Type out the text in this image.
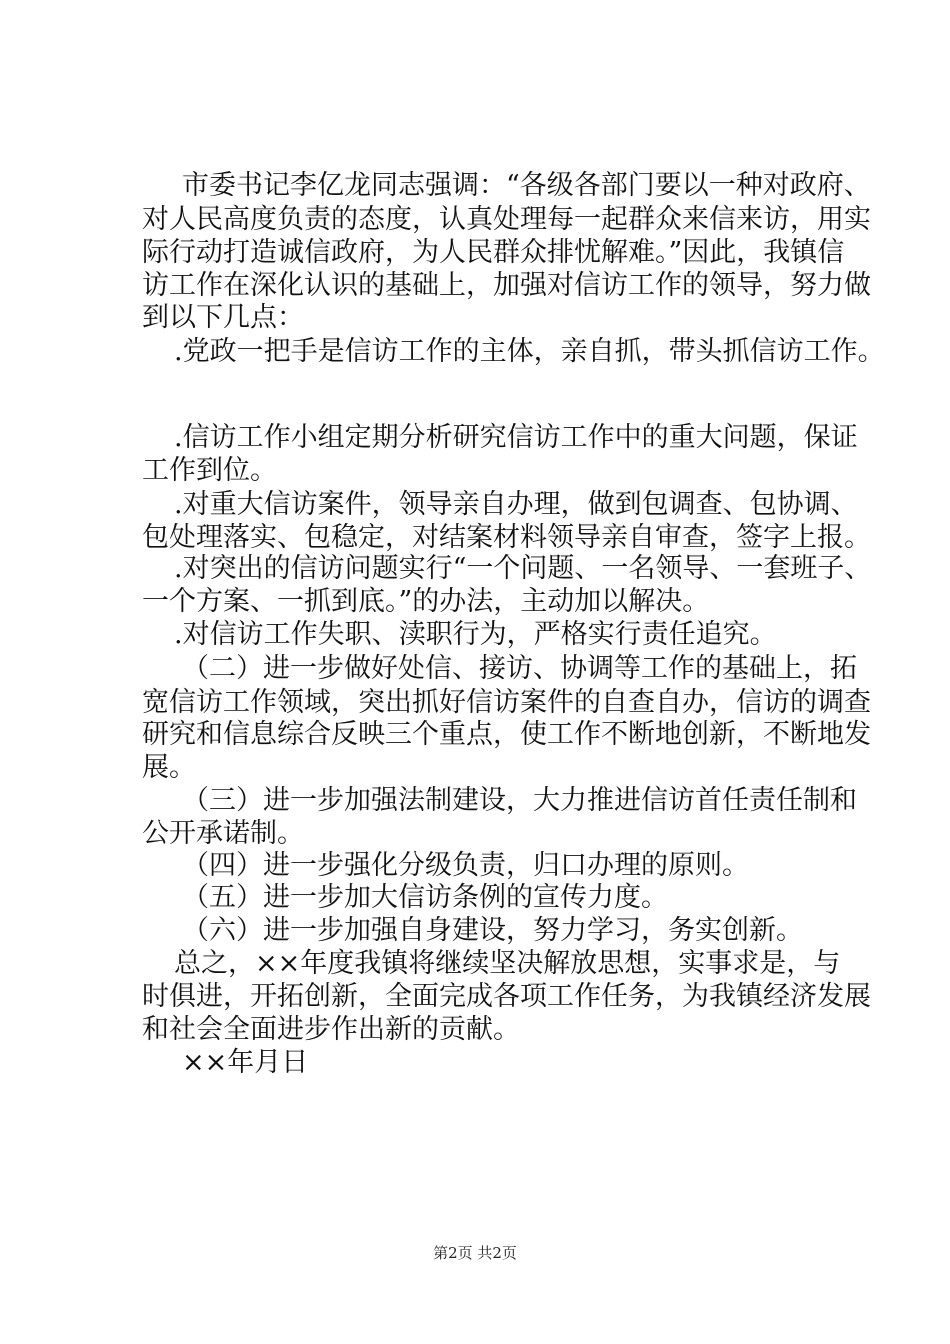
市委书记李亿龙同志强调：“各级各部门要以一种对政府、
对人民高度负责的态度，认真处理每一起群众来信来访，用实
际行动打造诚信政府，为人民群众排忧解难。”因此，我镇信
访工作在深化认识的基础上，加强对信访工作的领导，努力做
到以下几点：
.党政一把手是信访工作的主体，亲自抓，带头抓信访工作。
.信访工作小组定期分析研究信访工作中的重大问题，保证
工作到位。
.对重大信访案件，领导亲自办理，做到包调查、包协调、
包处理落实、包稳定，对结案材料领导亲自审查，签字上报。
.对突出的信访问题实行“一个问题、一名领导、一套班子、
一个方案、一抓到底。”的办法，主动加以解决。
.对信访工作失职、渎职行为，严格实行责任追究。
（二）进一步做好处信、接访、协调等工作的基础上，拓
宽信访工作领域，突出抓好信访案件的自查自办，信访的调查
研究和信息综合反映三个重点，使工作不断地创新，不断地发
展。
（三）进一步加强法制建设，大力推进信访首任责任制和
公开承诺制。
（四）进一步强化分级负责，归口办理的原则。
（五）进一步加大信访条例的宣传力度。
（六）进一步加强自身建设，努力学习，务实创新。
总之，××年度我镇将继续坚决解放思想，实事求是，与
时俱进，开拓创新，全面完成各项工作任务，为我镇经济发展
和社会全面进步作出新的贡献。
××年月日
第2页 共2页
